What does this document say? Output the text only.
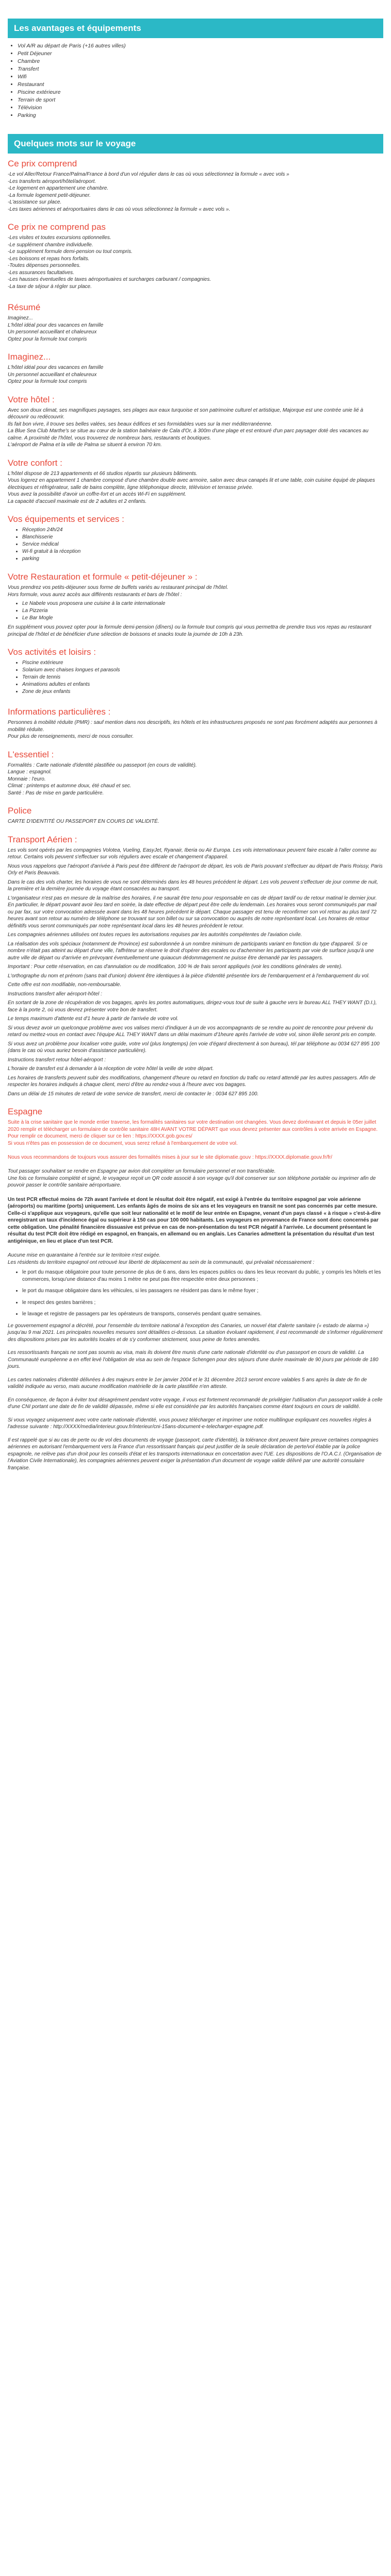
Les avantages et équipements
• Vol A/R au départ de Paris (+16 autres villes)
• Petit Déjeuner
• Chambre
• Transfert
• Wifi
• Restaurant
• Piscine extérieure
• Terrain de sport
• Télévision
• Parking
Quelques mots sur le voyage
Ce prix comprend

-Le vol Aller/Retour France/Palma/France à bord d'un vol régulier dans le cas où vous sélectionnez la formule « avec vols »

-Les transferts aéroport/hôtel/aéroport.

-Le logement en appartement une chambre.

-La formule logement petit-déjeuner.

-L'assistance sur place.

-Les taxes aériennes et aéroportuaires dans le cas où vous sélectionnez la formule « avec vols ».

Ce prix ne comprend pas

-Les visites et toutes excursions optionnelles.

-Le supplément chambre individuelle.

-Le supplément formule demi-pension ou tout compris.

-Les boissons et repas hors forfaits.

-Toutes dépenses personnelles.

-Les assurances facultatives.

-Les hausses éventuelles de taxes aéroportuaires et surcharges carburant / compagnies.

-La taxe de séjour à régler sur place.

Résumé

Imaginez...

L'hôtel idéal pour des vacances en famille

Un personnel accueillant et chaleureux

Optez pour la formule tout compris

Imaginez...

L'hôtel idéal pour des vacances en famille

Un personnel accueillant et chaleureux

Optez pour la formule tout compris

Votre hôtel :

Avec son doux climat, ses magnifiques paysages, ses plages aux eaux turquoise et son patrimoine culturel et artistique, Majorque est une contrée unie lié à découvrir ou redécouvrir.

Ils fait bon vivre, il trouve ses belles valées, ses beaux édifices et ses formidables vues sur la mer méditerranéenne.

La Blue Sea Club Marthe's se situe au cœur de la station balnéaire de Cala d'Or, à 300m d'une plage et est entouré d'un parc paysager doté des vacances au calme. A proximité de l'hôtel, vous trouverez de nombreux bars, restaurants et boutiques.

L'aéroport de Palma et la ville de Palma se situent à environ 70 km.

Votre confort :

L'hôtel dispose de 213 appartements et 66 studios répartis sur plusieurs bâtiments.

Vous logerez en appartement 1 chambre composé d'une chambre double avec armoire, salon avec deux canapés lit et une table, coin cuisine équipé de plaques électriques et réfrigérateur, salle de bains complète, ligne téléphonique directe, télévision et terrasse privée.

Vous avez la possibilité d'avoir un coffre-fort et un accès Wi-Fi en supplément.

La capacité d'accueil maximale est de 2 adultes et 2 enfants.

Vos équipements et services :
• Réception 24h/24
• Blanchisserie
• Service médical
• Wi-fi gratuit à la réception
• parking
Votre Restauration et formule « petit-déjeuner » :

Vous prendrez vos petits-déjeuner sous forme de buffets variés au restaurant principal de l'hôtel.

Hors formule, vous aurez accès aux différents restaurants et bars de l'hôtel :

• Le Nabele vous proposera une cuisine à la carte internationale
• La Pizzeria
• Le Bar Mogle

En supplément vous pouvez opter pour la formule demi-pension (dîners) ou la formule tout compris qui vous permettra de prendre tous vos repas au restaurant principal de l'hôtel et de bénéficier d'une sélection de boissons et snacks toute la journée de 10h à 23h.

Vos activités et loisirs :
• Piscine extérieure
• Solarium avec chaises longues et parasols
• Terrain de tennis
• Animations adultes et enfants
• Zone de jeux enfants
Informations particulières :

Personnes à mobilité réduite (PMR) : sauf mention dans nos descriptifs, les hôtels et les infrastructures proposés ne sont pas forcément adaptés aux personnes à mobilité réduite.

Pour plus de renseignements, merci de nous consulter.

L'essentiel :

Formalités : Carte nationale d'identité plastifiée ou passeport (en cours de validité).

Langue : espagnol.

Monnaie : l'euro.

Climat : printemps et automne doux, été chaud et sec.

Santé : Pas de mise en garde particulière.

Police

CARTE D'IDENTITÉ OU PASSEPORT EN COURS DE VALIDITÉ.

Transport Aérien :

Les vols sont opérés par les compagnies Volotea, Vueling, EasyJet, Ryanair, Iberia ou Air Europa. Les vols internationaux peuvent faire escale à l'aller comme au retour. Certains vols peuvent s'effectuer sur vols réguliers avec escale et changement d'appareil.

Nous vous rappelons que l'aéroport d'arrivée à Paris peut être différent de l'aéroport de départ, les vols de Paris pouvant s'effectuer au départ de Paris Roissy, Paris Orly et Paris Beauvais.

Dans le cas des vols charter, les horaires de vous ne sont déterminés dans les 48 heures précédent le départ. Les vols peuvent s'effectuer de jour comme de nuit, la première et la dernière journée du voyage étant consacrées au transport.

L'organisateur n'est pas en mesure de la maîtrise des horaires, il ne saurait être tenu pour responsable en cas de départ tardif ou de retour matinal le dernier jour. En particulier, le départ pouvant avoir lieu tard en soirée, la date effective de départ peut être celle du lendemain. Les horaires vous seront communiqués par mail ou par fax, sur votre convocation adressée avant dans les 48 heures précédent le départ. Chaque passager est tenu de reconfirmer son vol retour au plus tard 72 heures avant son retour au numéro de téléphone se trouvant sur son billet ou sur sa convocation ou auprès de notre représentant local. Les horaires de retour définitifs vous seront communiqués par notre représentant local dans les 48 heures précédent le retour.

Les compagnies aériennes utilisées ont toutes reçues les autorisations requises par les autorités compétentes de l'aviation civile.

La réalisation des vols spéciaux (notamment de Province) est subordonnée à un nombre minimum de participants variant en fonction du type d'appareil. Si ce nombre n'était pas atteint au départ d'une ville, l'affréteur se réserve le droit d'opérer des escales ou d'acheminer les participants par voie de surface jusqu'à une autre ville de départ ou d'arrivée en prévoyant éventuellement une quiaucun dédommagement ne puisse être demandé par les passagers.

Important : Pour cette réservation, en cas d'annulation ou de modification, 100 % de frais seront appliqués (voir les conditions générales de vente).

L'orthographe du nom et prénom (sans trait d'union) doivent être identiques à la pièce d'identité présentée lors de l'embarquement et à l'embarquement du vol.

Cette offre est non modifiable, non-remboursable.

Instructions transfert aller aéroport-hôtel :

En sortant de la zone de récupération de vos bagages, après les portes automatiques, dirigez-vous tout de suite à gauche vers le bureau ALL THEY WANT (D.I.), face à la porte 2, où vous devrez présenter votre bon de transfert.

Le temps maximum d'attente est d'1 heure à partir de l'arrivée de votre vol.

Si vous devez avoir un quelconque problème avec vos valises merci d'indiquer à un de vos accompagnants de se rendre au point de rencontre pour prévenir du retard ou mettez-vous en contact avec l'équipe ALL THEY WANT dans un délai maximum d'1heure après l'arrivée de votre vol, sinon il/elle seront pris en compte.

Si vous avez un problème pour localiser votre guide, votre vol (plus longtemps) (en voie d'égard directement à son bureau), tél par téléphone au 0034 627 895 100 (dans le cas où vous auriez besoin d'assistance particulière).

Instructions transfert retour hôtel-aéroport :

L'horaire de transfert est à demander à la réception de votre hôtel la veille de votre départ.

Les horaires de transferts peuvent subir des modifications, changement d'heure ou retard en fonction du trafic ou retard attendé par les autres passagers. Afin de respecter les horaires indiqués à chaque client, merci d'être au rendez-vous à l'heure avec vos bagages.

Dans un délai de 15 minutes de retard de votre service de transfert, merci de contacter le : 0034 627 895 100.

Espagne

Suite à la crise sanitaire que le monde entier traverse, les formalités sanitaires sur votre destination ont changées. Vous devez dorénavant et depuis le 05er juillet 2020 remplir et télécharger un formulaire de contrôle sanitaire 48H AVANT VOTRE DÉPART que vous devrez présenter aux contrôles à votre arrivée en Espagne.

Pour remplir ce document, merci de cliquer sur ce lien : https://XXXX.gob.gov.es/

Si vous n'êtes pas en possession de ce document, vous serez refusé à l'embarquement de votre vol.

Nous vous recommandons de toujours vous assurer des formalités mises à jour sur le site diplomatie.gouv : https://XXXX.diplomatie.gouv.fr/fr/

Tout passager souhaitant se rendre en Espagne par avion doit compléter un formulaire personnel et non transférable.

Une fois ce formulaire complété et signé, le voyageur reçoit un QR code associé à son voyage qu'il doit conserver sur son téléphone portable ou imprimer afin de pouvoir passer le contrôle sanitaire aéroportuaire.

Un test PCR effectué moins de 72h avant l'arrivée et dont le résultat doit être négatif, est exigé à l'entrée du territoire espagnol par voie aérienne (aéroports) ou maritime (ports) uniquement. Les enfants âgés de moins de six ans et les voyageurs en transit ne sont pas concernés par cette mesure. Celle-ci s'applique aux voyageurs, qu'elle que soit leur nationalité et le motif de leur entrée en Espagne, venant d'un pays classé « à risque » c'est-à-dire enregistrant un taux d'incidence égal ou supérieur à 150 cas pour 100 000 habitants. Les voyageurs en provenance de France sont donc concernés par cette obligation. Une pénalité financière dissuasive est prévue en cas de non-présentation du test PCR négatif à l'arrivée. Le document présentant le résultat du test PCR doit être rédigé en espagnol, en français, en allemand ou en anglais. Les Canaries admettent la présentation du résultat d'un test antigénique, en lieu et place d'un test PCR.

Aucune mise en quarantaine à l'entrée sur le territoire n'est exigée.

Les résidents du territoire espagnol ont retrouvé leur liberté de déplacement au sein de la communauté, qui prévalait nécessairement :

• le port du masque obligatoire pour toute personne de plus de 6 ans, dans les espaces publics ou dans les lieux recevant du public, y compris les hôtels et les commerces, lorsqu'une distance d'au moins 1 mètre ne peut pas être respectée entre deux personnes ;
• le port du masque obligatoire dans les véhicules, si les passagers ne résident pas dans le même foyer ;
• le respect des gestes barrières ;
• le lavage et registre de passagers par les opérateurs de transports, conservés pendant quatre semaines.

Le gouvernement espagnol a décrété, pour l'ensemble du territoire national à l'exception des Canaries, un nouvel état d'alerte sanitaire (« estado de alarma ») jusqu'au 9 mai 2021. Les principales nouvelles mesures sont détaillées ci-dessous. La situation évoluant rapidement, il est recommandé de s'informer régulièrement des dispositions prises par les autorités locales et de s'y conformer strictement, sous peine de fortes amendes.

Les ressortissants français ne sont pas soumis au visa, mais ils doivent être munis d'une carte nationale d'identité ou d'un passeport en cours de validité. La Communauté européenne a en effet levé l'obligation de visa au sein de l'espace Schengen pour des séjours d'une durée maximale de 90 jours par période de 180 jours.

Les cartes nationales d'identité délivrées à des majeurs entre le 1er janvier 2004 et le 31 décembre 2013 seront encore valables 5 ans après la date de fin de validité indiquée au verso, mais aucune modification matérielle de la carte plastifiée n'en atteste.

En conséquence, de façon à éviter tout désagrément pendant votre voyage, il vous est fortement recommandé de privilégier l'utilisation d'un passeport valide à celle d'une CNI portant une date de fin de validité dépassée, même si elle est considérée par les autorités françaises comme étant toujours en cours de validité.

Si vous voyagez uniquement avec votre carte nationale d'identité, vous pouvez télécharger et imprimer une notice multilingue expliquant ces nouvelles règles à l'adresse suivante : http://XXXX/media/interieur.gouv.fr/interieur/cni-15ans-document-e-telecharger-espagne.pdf.

Il est rappelé que si au cas de perte ou de vol des documents de voyage (passeport, carte d'identité), la tolérance dont peuvent faire preuve certaines compagnies aériennes en autorisant l'embarquement vers la France d'un ressortissant français qui peut justifier de la seule déclaration de perte/vol établie par la police espagnole, ne relève pas d'un droit pour les conseils d'état et les transports internationaux en concertation avec l'UE. Les dispositions de l'O.A.C.I. (Organisation de l'Aviation Civile Internationale), les compagnies aériennes peuvent exiger la présentation d'un document de voyage valide délivré par une autorité consulaire française.
